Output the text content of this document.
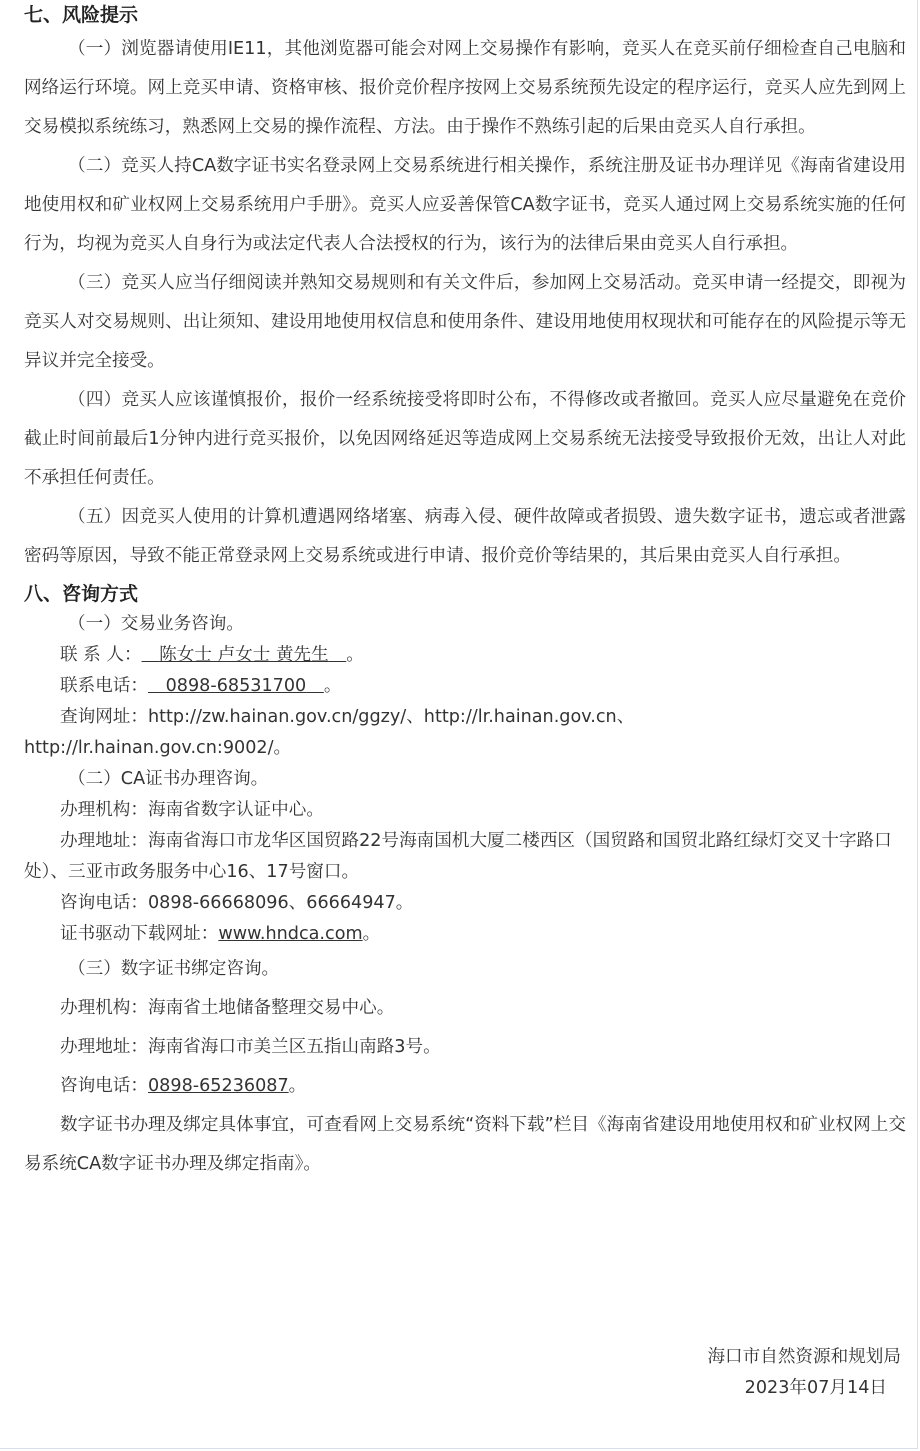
七、风险提示

（一）浏览器请使用IE11，其他浏览器可能会对网上交易操作有影响，竞买人在竞买前仔细检查自己电脑和网络运行环境。网上竞买申请、资格审核、报价竞价程序按网上交易系统预先设定的程序运行，竞买人应先到网上交易模拟系统练习，熟悉网上交易的操作流程、方法。由于操作不熟练引起的后果由竞买人自行承担。

（二）竞买人持CA数字证书实名登录网上交易系统进行相关操作，系统注册及证书办理详见《海南省建设用地使用权和矿业权网上交易系统用户手册》。竞买人应妥善保管CA数字证书，竞买人通过网上交易系统实施的任何行为，均视为竞买人自身行为或法定代表人合法授权的行为，该行为的法律后果由竞买人自行承担。

（三）竞买人应当仔细阅读并熟知交易规则和有关文件后，参加网上交易活动。竞买申请一经提交，即视为竞买人对交易规则、出让须知、建设用地使用权信息和使用条件、建设用地使用权现状和可能存在的风险提示等无异议并完全接受。

（四）竞买人应该谨慎报价，报价一经系统接受将即时公布，不得修改或者撤回。竞买人应尽量避免在竞价截止时间前最后1分钟内进行竞买报价，以免因网络延迟等造成网上交易系统无法接受导致报价无效，出让人对此不承担任何责任。

（五）因竞买人使用的计算机遭遇网络堵塞、病毒入侵、硬件故障或者损毁、遗失数字证书，遗忘或者泄露密码等原因，导致不能正常登录网上交易系统或进行申请、报价竞价等结果的，其后果由竞买人自行承担。

八、咨询方式
（一）交易业务咨询。
联 系 人：   陈女士 卢女士 黄先生   。
联系电话：   0898-68531700   。
查询网址：http://zw.hainan.gov.cn/ggzy/、http://lr.hainan.gov.cn、
http://lr.hainan.gov.cn:9002/。
（二）CA证书办理咨询。
办理机构：海南省数字认证中心。
办理地址：海南省海口市龙华区国贸路22号海南国机大厦二楼西区（国贸路和国贸北路红绿灯交叉十字路口处）、三亚市政务服务中心16、17号窗口。
咨询电话：0898-66668096、66664947。
证书驱动下载网址：www.hndca.com。
（三）数字证书绑定咨询。
办理机构：海南省土地储备整理交易中心。
办理地址：海南省海口市美兰区五指山南路3号。
咨询电话：0898-65236087。

数字证书办理及绑定具体事宜，可查看网上交易系统“资料下载”栏目《海南省建设用地使用权和矿业权网上交易系统CA数字证书办理及绑定指南》。

海口市自然资源和规划局
2023年07月14日
